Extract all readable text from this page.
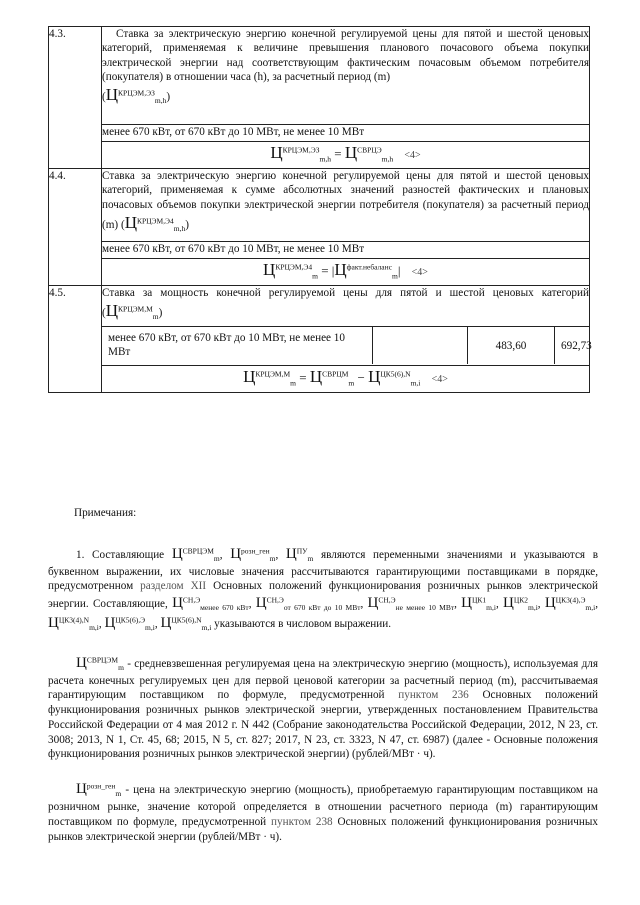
4.3.	Ставка за электрическую энергию конечной регулируемой цены для пятой и шестой ценовых категорий, применяемая к величине превышения планового почасового объема покупки электрической энергии над соответствующим фактическим почасовым объемом потребителя (покупателя) в отношении часа (h), за расчетный период (m) $(Ц^{КРЦЭМ,ЭЗ}_{m,h})$
менее 670 кВт, от 670 кВт до 10 МВт, не менее 10 МВт
$Ц^{КРЦЭМ,ЭЗ}_{m,h} = Ц^{СВРЦЭ}_{m,h} <4>$
4.4.	Ставка за электрическую энергию конечной регулируемой цены для пятой и шестой ценовых категорий, применяемая к сумме абсолютных значений разностей фактических и плановых почасовых объемов покупки электрической энергии потребителя (покупателя) за расчетный период (m) $(Ц^{КРЦЭМ,Э4}_{m,h})$
менее 670 кВт, от 670 кВт до 10 МВт, не менее 10 МВт
$Ц^{КРЦЭМ,Э4}_m = |Ц^{факт.небаланс}_m| <4>$
4.5.	Ставка за мощность конечной регулируемой цены для пятой и шестой ценовых категорий $(Ц^{КРЦЭМ,М}_m)$

менее 670 кВт, от 670 кВт до 10 МВт, не менее 10 МВт		483,60	692,73

$Ц^{КРЦЭМ,М}_m = Ц^{СВРЦМ}_m - Ц^{ЦК5(6),N}_{m,i} <4>$

Примечания:

1. Составляющие $Ц^{СВРЦЭМ}_m$, $Ц^{розн\_ген}_m$, $Ц^{ПУ}_m$ являются переменными значениями и указываются в буквенном выражении, их числовые значения рассчитываются гарантирующими поставщиками в порядке, предусмотренном разделом XII Основных положений функционирования розничных рынков электрической энергии. Составляющие, $Ц^{СН,Э}_{менее 670 кВт}$, $Ц^{СН,Э}_{от 670 кВт до 10 МВт}$, $Ц^{СН,Э}_{не менее 10 МВт}$, $Ц^{ЦК1}_{m,i}$, $Ц^{ЦК2}_{m,i}$, $Ц^{ЦК3(4),Э}_{m,i}$, $Ц^{ЦК3(4),N}_{m,i}$, $Ц^{ЦК5(6),Э}_{m,i}$, $Ц^{ЦК5(6),N}_{m,i}$ указываются в числовом выражении.

$Ц^{СВРЦЭМ}_m$ - средневзвешенная регулируемая цена на электрическую энергию (мощность), используемая для расчета конечных регулируемых цен для первой ценовой категории за расчетный период (m), рассчитываемая гарантирующим поставщиком по формуле, предусмотренной пунктом 236 Основных положений функционирования розничных рынков электрической энергии, утвержденных постановлением Правительства Российской Федерации от 4 мая 2012 г. N 442 (Собрание законодательства Российской Федерации, 2012, N 23, ст. 3008; 2013, N 1, Ст. 45, 68; 2015, N 5, ст. 827; 2017, N 23, ст. 3323, N 47, ст. 6987) (далее - Основные положения функционирования розничных рынков электрической энергии) (рублей/МВт · ч).

$Ц^{розн\_ген}_m$ - цена на электрическую энергию (мощность), приобретаемую гарантирующим поставщиком на розничном рынке, значение которой определяется в отношении расчетного периода (m) гарантирующим поставщиком по формуле, предусмотренной пунктом 238 Основных положений функционирования розничных рынков электрической энергии (рублей/МВт · ч).
